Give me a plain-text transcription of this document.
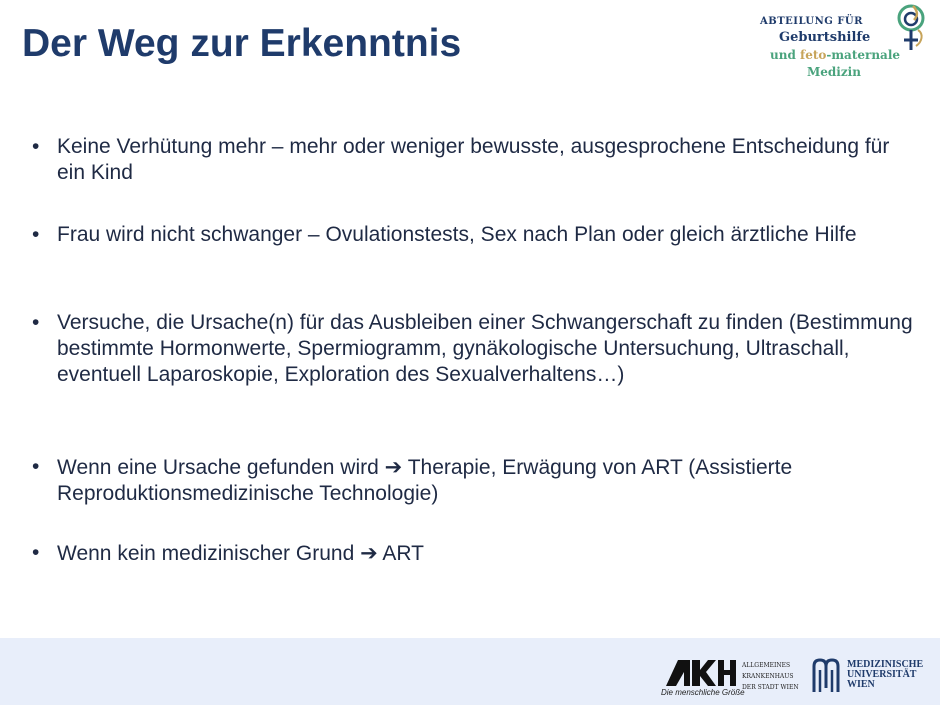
Der Weg zur Erkenntnis
ABTEILUNG FÜR
Geburtshilfe
und feto-maternale
Medizin
• Keine Verhütung mehr – mehr oder weniger bewusste, ausgesprochene Entscheidung für ein Kind
• Frau wird nicht schwanger – Ovulationstests, Sex nach Plan oder gleich ärztliche Hilfe
• Versuche, die Ursache(n) für das Ausbleiben einer Schwangerschaft zu finden (Bestimmung bestimmte Hormonwerte, Spermiogramm, gynäkologische Untersuchung, Ultraschall, eventuell Laparoskopie, Exploration des Sexualverhaltens…)
• Wenn eine Ursache gefunden wird ➔ Therapie, Erwägung von ART (Assistierte Reproduktionsmedizinische Technologie)
• Wenn kein medizinischer Grund ➔ ART
Die menschliche Größe
ALLGEMEINES
KRANKENHAUS
DER STADT WIEN
MEDIZINISCHE
UNIVERSITÄT
WIEN
